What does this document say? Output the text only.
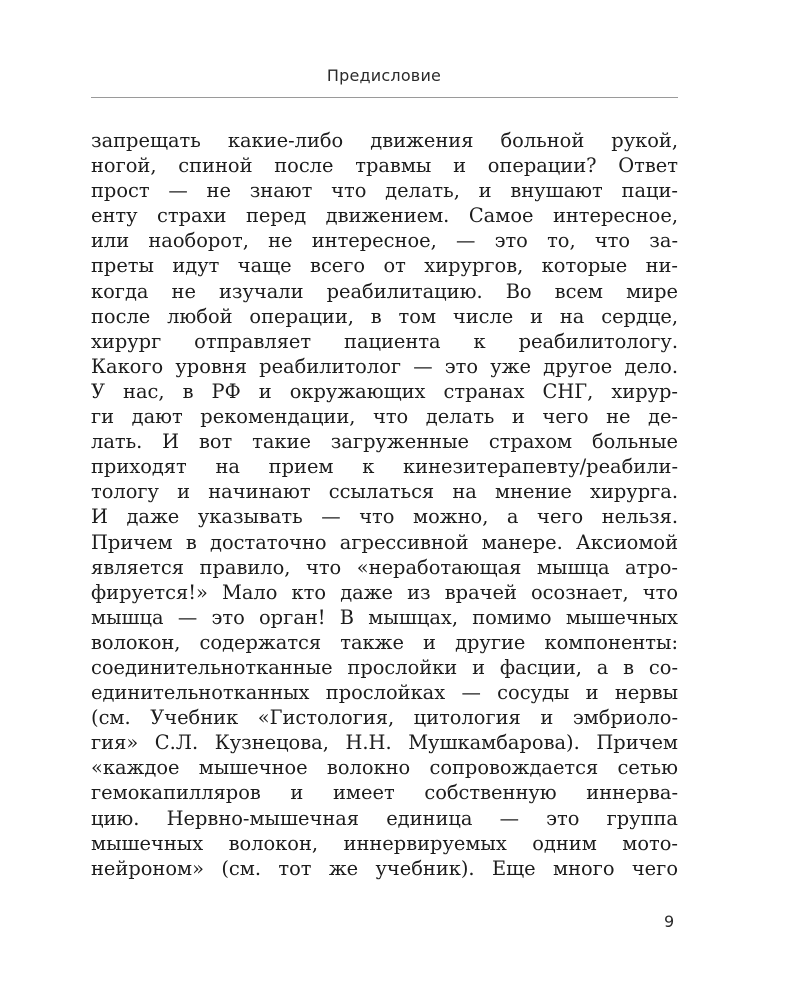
Предисловие
запрещать какие-либо движения больной рукой,
ногой, спиной после травмы и операции? Ответ
прост — не знают что делать, и внушают паци-
енту страхи перед движением. Самое интересное,
или наоборот, не интересное, — это то, что за-
преты идут чаще всего от хирургов, которые ни-
когда не изучали реабилитацию. Во всем мире
после любой операции, в том числе и на сердце,
хирург отправляет пациента к реабилитологу.
Какого уровня реабилитолог — это уже другое дело.
У нас, в РФ и окружающих странах СНГ, хирур-
ги дают рекомендации, что делать и чего не де-
лать. И вот такие загруженные страхом больные
приходят на прием к кинезитерапевту/реабили-
тологу и начинают ссылаться на мнение хирурга.
И даже указывать — что можно, а чего нельзя.
Причем в достаточно агрессивной манере. Аксиомой
является правило, что «неработающая мышца атро-
фируется!» Мало кто даже из врачей осознает, что
мышца — это орган! В мышцах, помимо мышечных
волокон, содержатся также и другие компоненты:
соединительнотканные прослойки и фасции, а в со-
единительнотканных прослойках — сосуды и нервы
(см. Учебник «Гистология, цитология и эмбриоло-
гия» С.Л. Кузнецова, Н.Н. Мушкамбарова). Причем
«каждое мышечное волокно сопровождается сетью
гемокапилляров и имеет собственную иннерва-
цию. Нервно-мышечная единица — это группа
мышечных волокон, иннервируемых одним мото-
нейроном» (см. тот же учебник). Еще много чего
9
